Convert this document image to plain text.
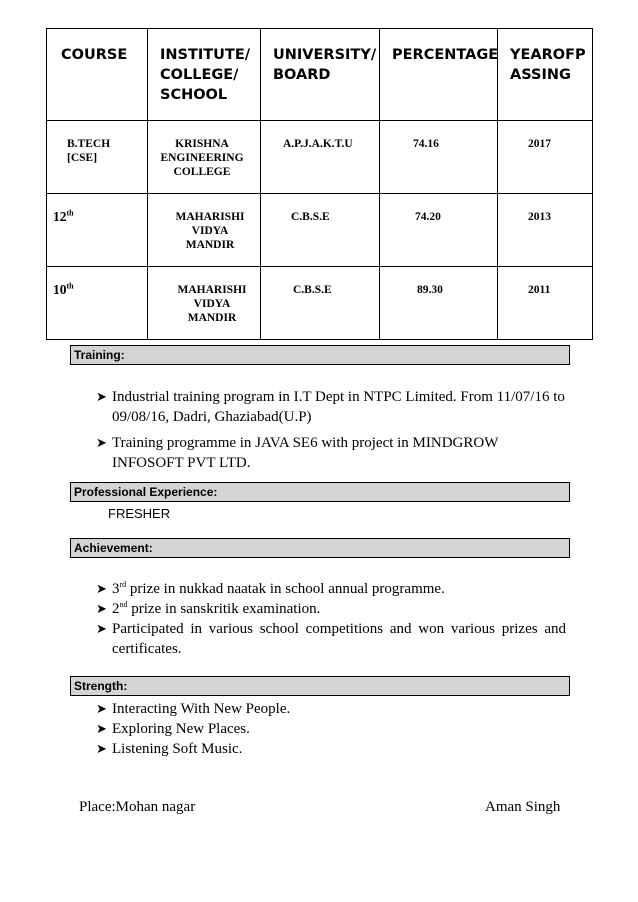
COURSE	INSTITUTE/ COLLEGE/ SCHOOL	UNIVERSITY/ BOARD	PERCENTAGE	YEAROFP ASSING

B.TECH [CSE]	KRISHNA ENGINEERING COLLEGE	A.P.J.A.K.T.U	74.16	2017

12th	MAHARISHI VIDYA MANDIR	C.B.S.E	74.20	2013

10th	MAHARISHI VIDYA MANDIR	C.B.S.E	89.30	2011
Training:
➤ Industrial training program in I.T Dept in NTPC Limited. From 11/07/16 to 09/08/16, Dadri, Ghaziabad(U.P)
➤ Training programme in JAVA SE6 with project in MINDGROW INFOSOFT PVT LTD.
Professional Experience:
FRESHER
Achievement:
➤ 3rd prize in nukkad naatak in school annual programme.
➤ 2nd prize in sanskritik examination.
➤ Participated in various school competitions and won various prizes and certificates.
Strength:
➤ Interacting With New People.
➤ Exploring New Places.
➤ Listening Soft Music.
Place:Mohan nagar	Aman Singh
